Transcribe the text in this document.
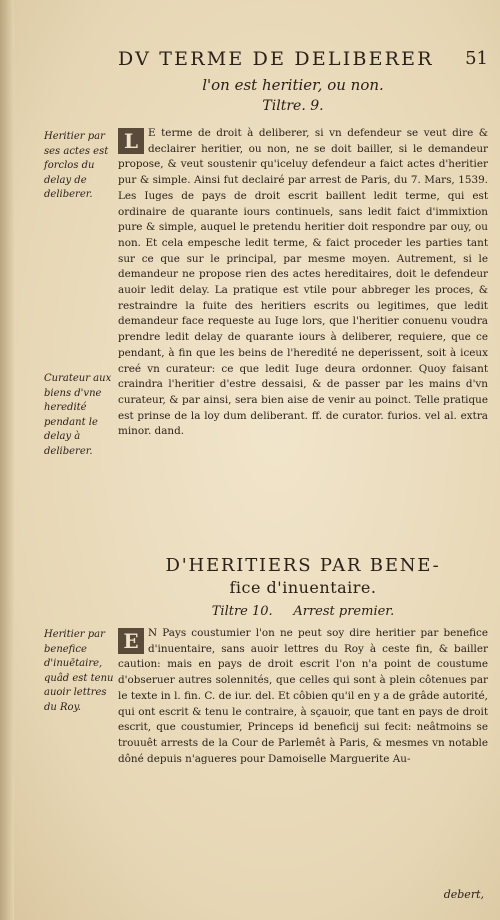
DV TERME DE DELIBERER 51
l'on est heritier, ou non.
Tiltre. 9.
Heritier par ses actes est forclos du delay de deliberer.
Curateur aux biens d'vne heredité pendant le delay à deliberer.
L E terme de droit à deliberer, si vn defendeur se veut dire & declairer heritier, ou non, ne se doit bailler, si le demandeur propose, & veut soustenir qu'iceluy defendeur a faict actes d'heritier pur & simple. Ainsi fut declairé par arrest de Paris, du 7. Mars, 1539. Les Iuges de pays de droit escrit baillent ledit terme, qui est ordinaire de quarante iours continuels, sans ledit faict d'immixtion pure & simple, auquel le pretendu heritier doit respondre par ouy, ou non. Et cela empesche ledit terme, & faict proceder les parties tant sur ce que sur le principal, par mesme moyen. Autrement, si le demandeur ne propose rien des actes hereditaires, doit le defendeur auoir ledit delay. La pratique est vtile pour abbreger les proces, & restraindre la fuite des heritiers escrits ou legitimes, que ledit demandeur face requeste au Iuge lors, que l'heritier conuenu voudra prendre ledit delay de quarante iours à deliberer, requiere, que ce pendant, à fin que les beins de l'heredité ne deperissent, soit à iceux creé vn curateur: ce que ledit Iuge deura ordonner. Quoy faisant craindra l'heritier d'estre dessaisi, & de passer par les mains d'vn curateur, & par ainsi, sera bien aise de venir au poinct. Telle pratique est prinse de la loy dum deliberant. ff. de curator. furios. vel al. extra minor. dand.
D'HERITIERS PAR BENE-
fice d'inuentaire.
Tiltre 10. Arrest premier.
Heritier par benefice d'inuētaire, quâd est tenu auoir lettres du Roy.
E N Pays coustumier l'on ne peut soy dire heritier par benefice d'inuentaire, sans auoir lettres du Roy à ceste fin, & bailler caution: mais en pays de droit escrit l'on n'a point de coustume d'obseruer autres solennités, que celles qui sont à plein côtenues par le texte in l. fin. C. de iur. del. Et côbien qu'il en y a de grâde autorité, qui ont escrit & tenu le contraire, à sçauoir, que tant en pays de droit escrit, que coustumier, Princeps id beneficij sui fecit: neâtmoins se trouuêt arrests de la Cour de Parlemêt à Paris, & mesmes vn notable dôné depuis n'agueres pour Damoiselle Marguerite Au-
debert,
